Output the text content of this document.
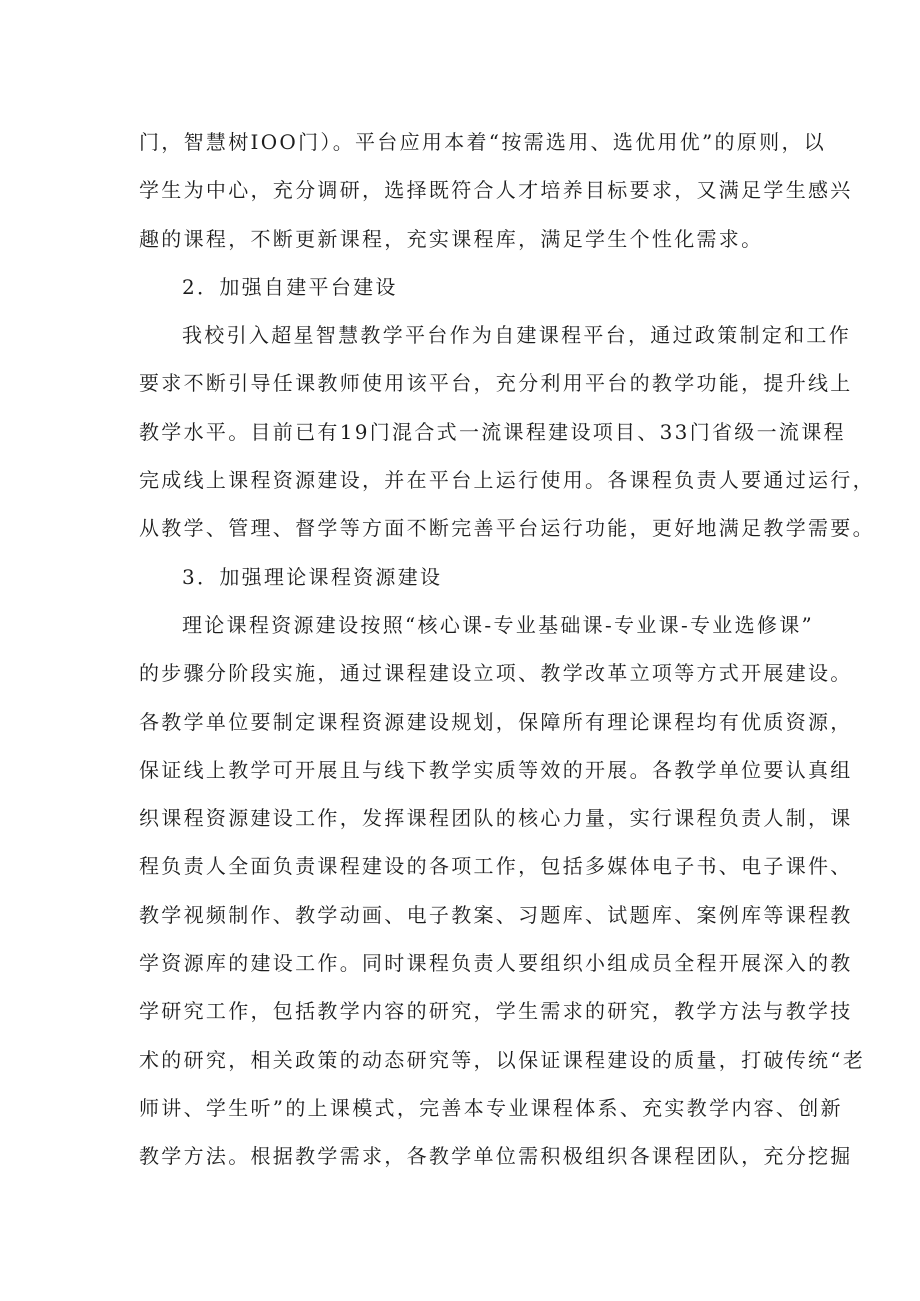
门，智慧树IOO门）。平台应用本着“按需选用、选优用优”的原则，以
学生为中心，充分调研，选择既符合人才培养目标要求，又满足学生感兴
趣的课程，不断更新课程，充实课程库，满足学生个性化需求。

2．加强自建平台建设

我校引入超星智慧教学平台作为自建课程平台，通过政策制定和工作
要求不断引导任课教师使用该平台，充分利用平台的教学功能，提升线上
教学水平。目前已有19门混合式一流课程建设项目、33门省级一流课程
完成线上课程资源建设，并在平台上运行使用。各课程负责人要通过运行，
从教学、管理、督学等方面不断完善平台运行功能，更好地满足教学需要。

3．加强理论课程资源建设

理论课程资源建设按照“核心课-专业基础课-专业课-专业选修课”
的步骤分阶段实施，通过课程建设立项、教学改革立项等方式开展建设。
各教学单位要制定课程资源建设规划，保障所有理论课程均有优质资源，
保证线上教学可开展且与线下教学实质等效的开展。各教学单位要认真组
织课程资源建设工作，发挥课程团队的核心力量，实行课程负责人制，课
程负责人全面负责课程建设的各项工作，包括多媒体电子书、电子课件、
教学视频制作、教学动画、电子教案、习题库、试题库、案例库等课程教
学资源库的建设工作。同时课程负责人要组织小组成员全程开展深入的教
学研究工作，包括教学内容的研究，学生需求的研究，教学方法与教学技
术的研究，相关政策的动态研究等，以保证课程建设的质量，打破传统“老
师讲、学生听”的上课模式，完善本专业课程体系、充实教学内容、创新
教学方法。根据教学需求，各教学单位需积极组织各课程团队，充分挖掘
